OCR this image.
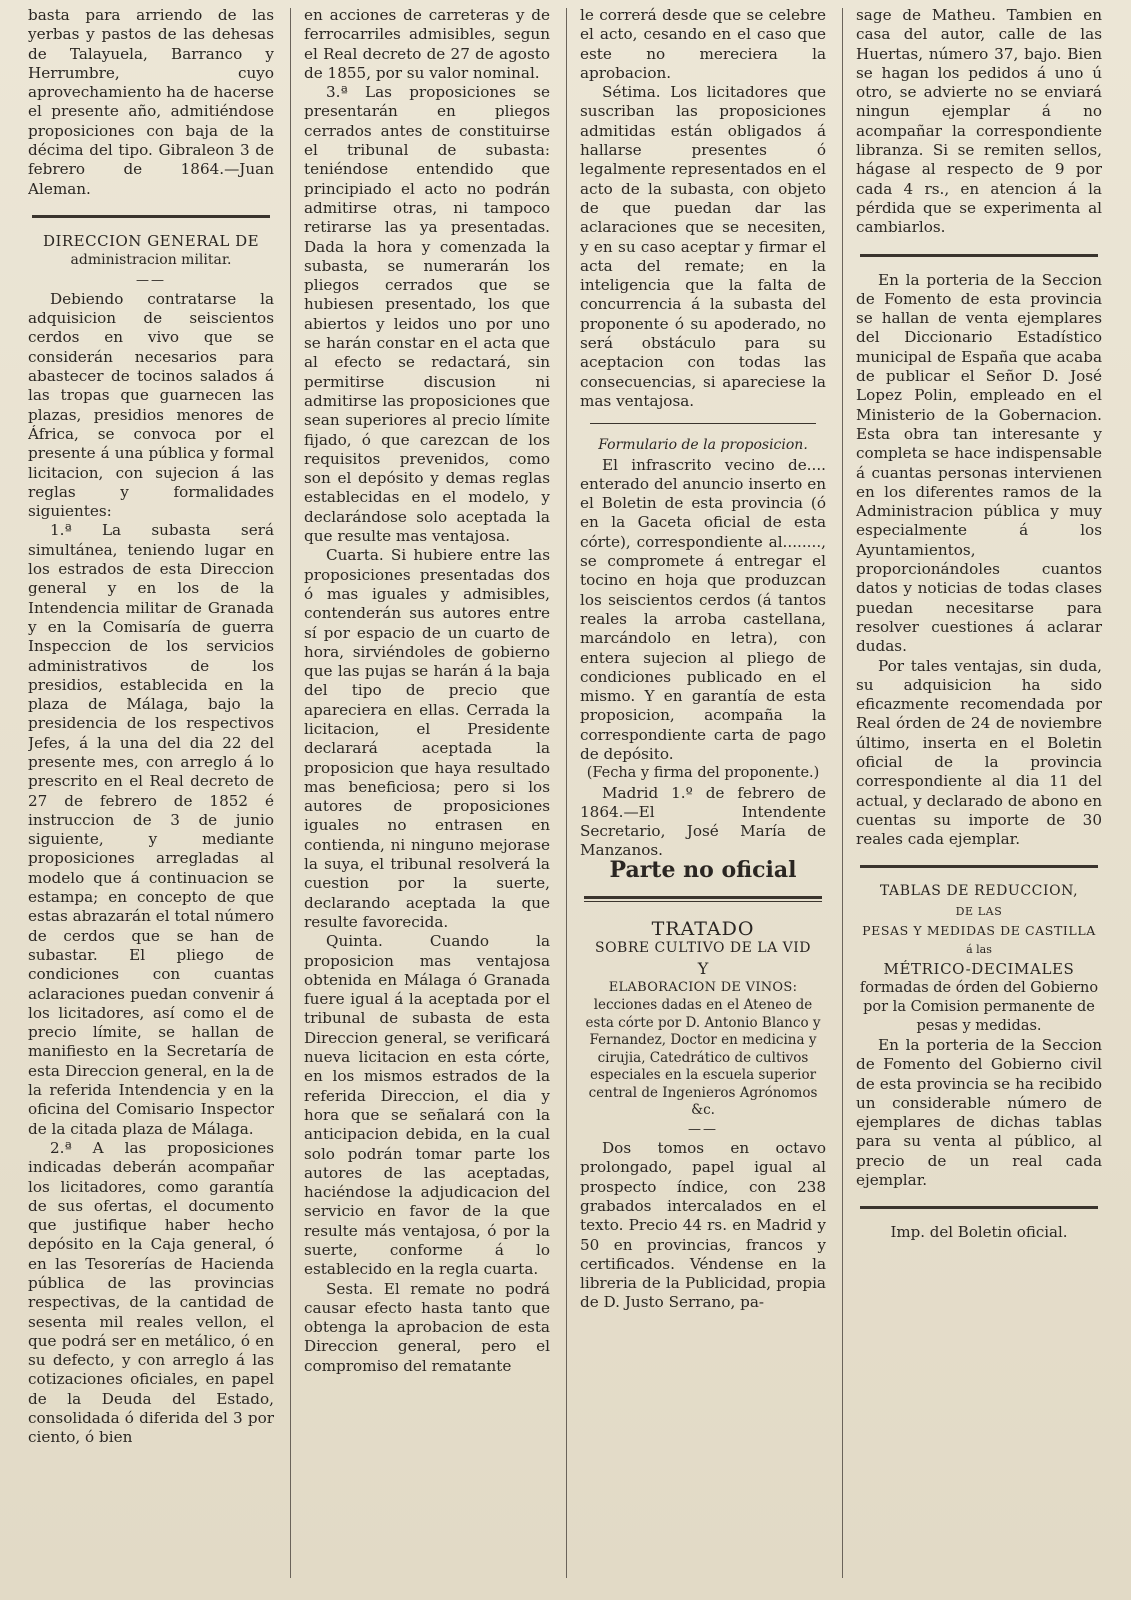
basta para arriendo de las yerbas y pastos de las dehesas de Talayuela, Barranco y Herrumbre, cuyo aprovechamiento ha de hacerse el presente año, admitiéndose proposiciones con baja de la décima del tipo. Gibraleon 3 de febrero de 1864.—Juan Aleman.

DIRECCION GENERAL DE

administracion militar.

——

Debiendo contratarse la adquisicion de seiscientos cerdos en vivo que se considerán necesarios para abastecer de tocinos salados á las tropas que guarnecen las plazas, presidios menores de África, se convoca por el presente á una pública y formal licitacion, con sujecion á las reglas y formalidades siguientes:

1.ª La subasta será simultánea, teniendo lugar en los estrados de esta Direccion general y en los de la Intendencia militar de Granada y en la Comisaría de guerra Inspeccion de los servicios administrativos de los presidios, establecida en la plaza de Málaga, bajo la presidencia de los respectivos Jefes, á la una del dia 22 del presente mes, con arreglo á lo prescrito en el Real decreto de 27 de febrero de 1852 é instruccion de 3 de junio siguiente, y mediante proposiciones arregladas al modelo que á continuacion se estampa; en concepto de que estas abrazarán el total número de cerdos que se han de subastar. El pliego de condiciones con cuantas aclaraciones puedan convenir á los licitadores, así como el de precio límite, se hallan de manifiesto en la Secretaría de esta Direccion general, en la de la referida Intendencia y en la oficina del Comisario Inspector de la citada plaza de Málaga.

2.ª A las proposiciones indicadas deberán acompañar los licitadores, como garantía de sus ofertas, el documento que justifique haber hecho depósito en la Caja general, ó en las Tesorerías de Hacienda pública de las provincias respectivas, de la cantidad de sesenta mil reales vellon, el que podrá ser en metálico, ó en su defecto, y con arreglo á las cotizaciones oficiales, en papel de la Deuda del Estado, consolidada ó diferida del 3 por ciento, ó bien

en acciones de carreteras y de ferrocarriles admisibles, segun el Real decreto de 27 de agosto de 1855, por su valor nominal.

3.ª Las proposiciones se presentarán en pliegos cerrados antes de constituirse el tribunal de subasta: teniéndose entendido que principiado el acto no podrán admitirse otras, ni tampoco retirarse las ya presentadas. Dada la hora y comenzada la subasta, se numerarán los pliegos cerrados que se hubiesen presentado, los que abiertos y leidos uno por uno se harán constar en el acta que al efecto se redactará, sin permitirse discusion ni admitirse las proposiciones que sean superiores al precio límite fijado, ó que carezcan de los requisitos prevenidos, como son el depósito y demas reglas establecidas en el modelo, y declarándose solo aceptada la que resulte mas ventajosa.

Cuarta. Si hubiere entre las proposiciones presentadas dos ó mas iguales y admisibles, contenderán sus autores entre sí por espacio de un cuarto de hora, sirviéndoles de gobierno que las pujas se harán á la baja del tipo de precio que apareciera en ellas. Cerrada la licitacion, el Presidente declarará aceptada la proposicion que haya resultado mas beneficiosa; pero si los autores de proposiciones iguales no entrasen en contienda, ni ninguno mejorase la suya, el tribunal resolverá la cuestion por la suerte, declarando aceptada la que resulte favorecida.

Quinta. Cuando la proposicion mas ventajosa obtenida en Málaga ó Granada fuere igual á la aceptada por el tribunal de subasta de esta Direccion general, se verificará nueva licitacion en esta córte, en los mismos estrados de la referida Direccion, el dia y hora que se señalará con la anticipacion debida, en la cual solo podrán tomar parte los autores de las aceptadas, haciéndose la adjudicacion del servicio en favor de la que resulte más ventajosa, ó por la suerte, conforme á lo establecido en la regla cuarta.

Sesta. El remate no podrá causar efecto hasta tanto que obtenga la aprobacion de esta Direccion general, pero el compromiso del rematante

le correrá desde que se celebre el acto, cesando en el caso que este no mereciera la aprobacion.

Sétima. Los licitadores que suscriban las proposiciones admitidas están obligados á hallarse presentes ó legalmente representados en el acto de la subasta, con objeto de que puedan dar las aclaraciones que se necesiten, y en su caso aceptar y firmar el acta del remate; en la inteligencia que la falta de concurrencia á la subasta del proponente ó su apoderado, no será obstáculo para su aceptacion con todas las consecuencias, si apareciese la mas ventajosa.

Formulario de la proposicion.

El infrascrito vecino de.... enterado del anuncio inserto en el Boletin de esta provincia (ó en la Gaceta oficial de esta córte), correspondiente al........, se compromete á entregar el tocino en hoja que produzcan los seiscientos cerdos (á tantos reales la arroba castellana, marcándolo en letra), con entera sujecion al pliego de condiciones publicado en el mismo. Y en garantía de esta proposicion, acompaña la correspondiente carta de pago de depósito.

(Fecha y firma del proponente.)

Madrid 1.º de febrero de 1864.—El Intendente Secretario, José María de Manzanos.

Parte no oficial

TRATADO

SOBRE CULTIVO DE LA VID

Y

ELABORACION DE VINOS:

lecciones dadas en el Ateneo de esta córte por D. Antonio Blanco y Fernandez, Doctor en medicina y cirujia, Catedrático de cultivos especiales en la escuela superior central de Ingenieros Agrónomos &c.

——

Dos tomos en octavo prolongado, papel igual al prospecto índice, con 238 grabados intercalados en el texto. Precio 44 rs. en Madrid y 50 en provincias, francos y certificados. Véndense en la libreria de la Publicidad, propia de D. Justo Serrano, pa-

sage de Matheu. Tambien en casa del autor, calle de las Huertas, número 37, bajo. Bien se hagan los pedidos á uno ú otro, se advierte no se enviará ningun ejemplar á no acompañar la correspondiente libranza. Si se remiten sellos, hágase al respecto de 9 por cada 4 rs., en atencion á la pérdida que se experimenta al cambiarlos.

En la porteria de la Seccion de Fomento de esta provincia se hallan de venta ejemplares del Diccionario Estadístico municipal de España que acaba de publicar el Señor D. José Lopez Polin, empleado en el Ministerio de la Gobernacion. Esta obra tan interesante y completa se hace indispensable á cuantas personas intervienen en los diferentes ramos de la Administracion pública y muy especialmente á los Ayuntamientos, proporcionándoles cuantos datos y noticias de todas clases puedan necesitarse para resolver cuestiones á aclarar dudas.

Por tales ventajas, sin duda, su adquisicion ha sido eficazmente recomendada por Real órden de 24 de noviembre último, inserta en el Boletin oficial de la provincia correspondiente al dia 11 del actual, y declarado de abono en cuentas su importe de 30 reales cada ejemplar.

TABLAS DE REDUCCION,

DE LAS

PESAS Y MEDIDAS DE CASTILLA

á las

MÉTRICO-DECIMALES

formadas de órden del Gobierno por la Comision permanente de pesas y medidas.

En la porteria de la Seccion de Fomento del Gobierno civil de esta provincia se ha recibido un considerable número de ejemplares de dichas tablas para su venta al público, al precio de un real cada ejemplar.

Imp. del Boletin oficial.
